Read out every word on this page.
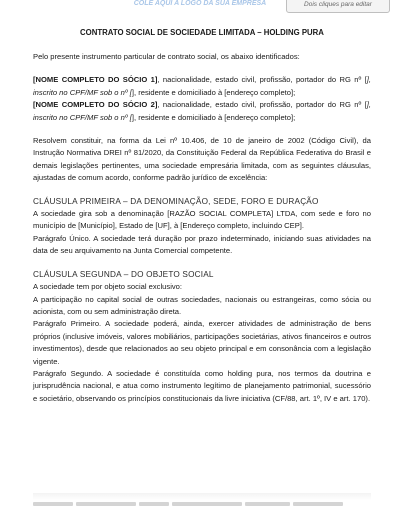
COLE AQUI A LOGO DA SUA EMPRESA	Dois cliques para editar

CONTRATO SOCIAL DE SOCIEDADE LIMITADA – HOLDING PURA

Pelo presente instrumento particular de contrato social, os abaixo identificados:

[NOME COMPLETO DO SÓCIO 1], nacionalidade, estado civil, profissão, portador do RG nº [], inscrito no CPF/MF sob o nº [], residente e domiciliado à [endereço completo];

[NOME COMPLETO DO SÓCIO 2], nacionalidade, estado civil, profissão, portador do RG nº [], inscrito no CPF/MF sob o nº [], residente e domiciliado à [endereço completo];

Resolvem constituir, na forma da Lei nº 10.406, de 10 de janeiro de 2002 (Código Civil), da Instrução Normativa DREI nº 81/2020, da Constituição Federal da República Federativa do Brasil e demais legislações pertinentes, uma sociedade empresária limitada, com as seguintes cláusulas, ajustadas de comum acordo, conforme padrão jurídico de excelência:

CLÁUSULA PRIMEIRA – DA DENOMINAÇÃO, SEDE, FORO E DURAÇÃO

A sociedade gira sob a denominação [RAZÃO SOCIAL COMPLETA] LTDA, com sede e foro no município de [Município], Estado de [UF], à [Endereço completo, incluindo CEP].

Parágrafo Único. A sociedade terá duração por prazo indeterminado, iniciando suas atividades na data de seu arquivamento na Junta Comercial competente.

CLÁUSULA SEGUNDA – DO OBJETO SOCIAL

A sociedade tem por objeto social exclusivo:

A participação no capital social de outras sociedades, nacionais ou estrangeiras, como sócia ou acionista, com ou sem administração direta.

Parágrafo Primeiro. A sociedade poderá, ainda, exercer atividades de administração de bens próprios (inclusive imóveis, valores mobiliários, participações societárias, ativos financeiros e outros investimentos), desde que relacionados ao seu objeto principal e em consonância com a legislação vigente.

Parágrafo Segundo. A sociedade é constituída como holding pura, nos termos da doutrina e jurisprudência nacional, e atua como instrumento legítimo de planejamento patrimonial, sucessório e societário, observando os princípios constitucionais da livre iniciativa (CF/88, art. 1º, IV e art. 170).
